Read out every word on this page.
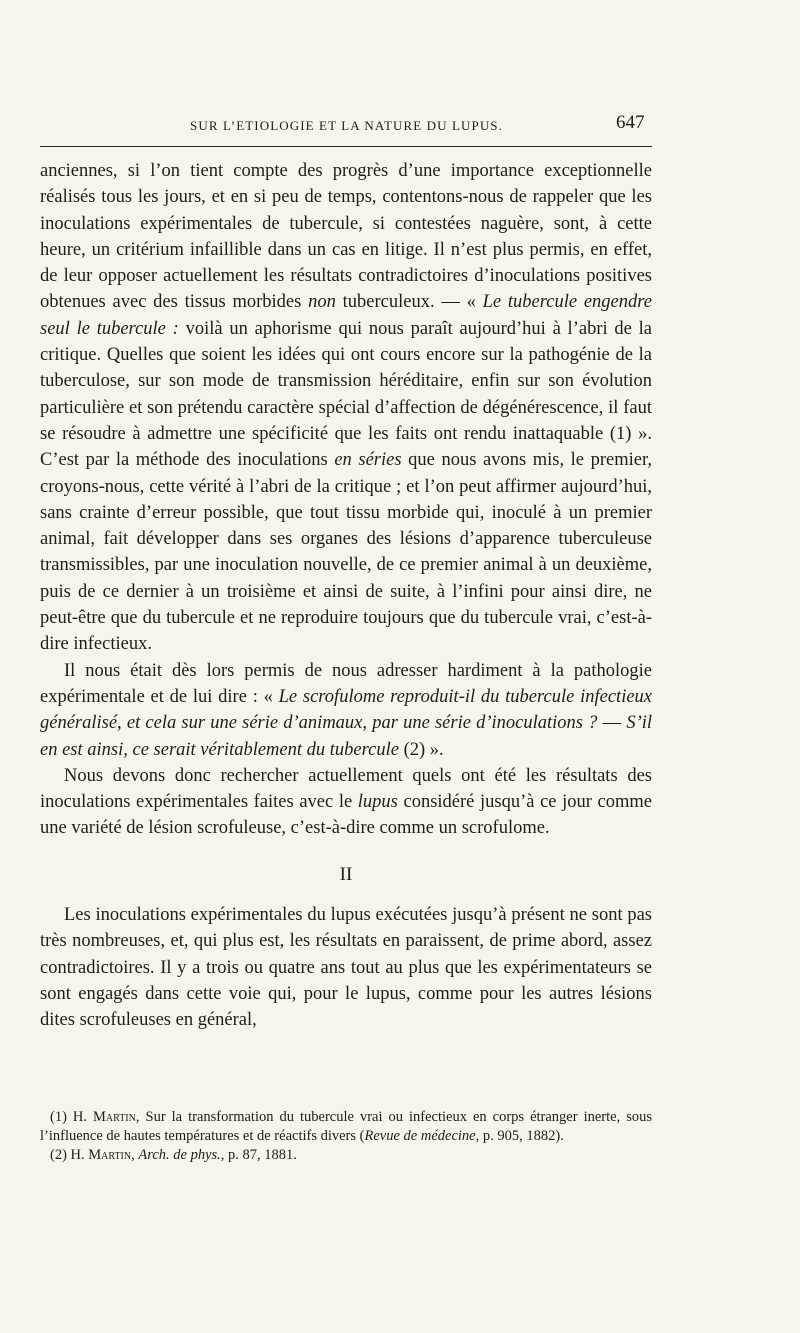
SUR L’ETIOLOGIE ET LA NATURE DU LUPUS.	647

anciennes, si l’on tient compte des progrès d’une importance exceptionnelle réalisés tous les jours, et en si peu de temps, contentons-nous de rappeler que les inoculations expérimentales de tubercule, si contestées naguère, sont, à cette heure, un critérium infaillible dans un cas en litige. Il n’est plus permis, en effet, de leur opposer actuellement les résultats contradictoires d’inoculations positives obtenues avec des tissus morbides non tuberculeux. — « Le tubercule engendre seul le tubercule : voilà un aphorisme qui nous paraît aujourd’hui à l’abri de la critique. Quelles que soient les idées qui ont cours encore sur la pathogénie de la tuberculose, sur son mode de transmission héréditaire, enfin sur son évolution particulière et son prétendu caractère spécial d’affection de dégénérescence, il faut se résoudre à admettre une spécificité que les faits ont rendu inattaquable (1) ». C’est par la méthode des inoculations en séries que nous avons mis, le premier, croyons-nous, cette vérité à l’abri de la critique ; et l’on peut affirmer aujourd’hui, sans crainte d’erreur possible, que tout tissu morbide qui, inoculé à un premier animal, fait développer dans ses organes des lésions d’apparence tuberculeuse transmissibles, par une inoculation nouvelle, de ce premier animal à un deuxième, puis de ce dernier à un troisième et ainsi de suite, à l’infini pour ainsi dire, ne peut-être que du tubercule et ne reproduire toujours que du tubercule vrai, c’est-à-dire infectieux.

Il nous était dès lors permis de nous adresser hardiment à la pathologie expérimentale et de lui dire : « Le scrofulome reproduit-il du tubercule infectieux généralisé, et cela sur une série d’animaux, par une série d’inoculations ? — S’il en est ainsi, ce serait véritablement du tubercule (2) ».

Nous devons donc rechercher actuellement quels ont été les résultats des inoculations expérimentales faites avec le lupus considéré jusqu’à ce jour comme une variété de lésion scrofuleuse, c’est-à-dire comme un scrofulome.

II

Les inoculations expérimentales du lupus exécutées jusqu’à présent ne sont pas très nombreuses, et, qui plus est, les résultats en paraissent, de prime abord, assez contradictoires. Il y a trois ou quatre ans tout au plus que les expérimentateurs se sont engagés dans cette voie qui, pour le lupus, comme pour les autres lésions dites scrofuleuses en général,

(1) H. Martin, Sur la transformation du tubercule vrai ou infectieux en corps étranger inerte, sous l’influence de hautes températures et de réactifs divers (Revue de médecine, p. 905, 1882).

(2) H. Martin, Arch. de phys., p. 87, 1881.
